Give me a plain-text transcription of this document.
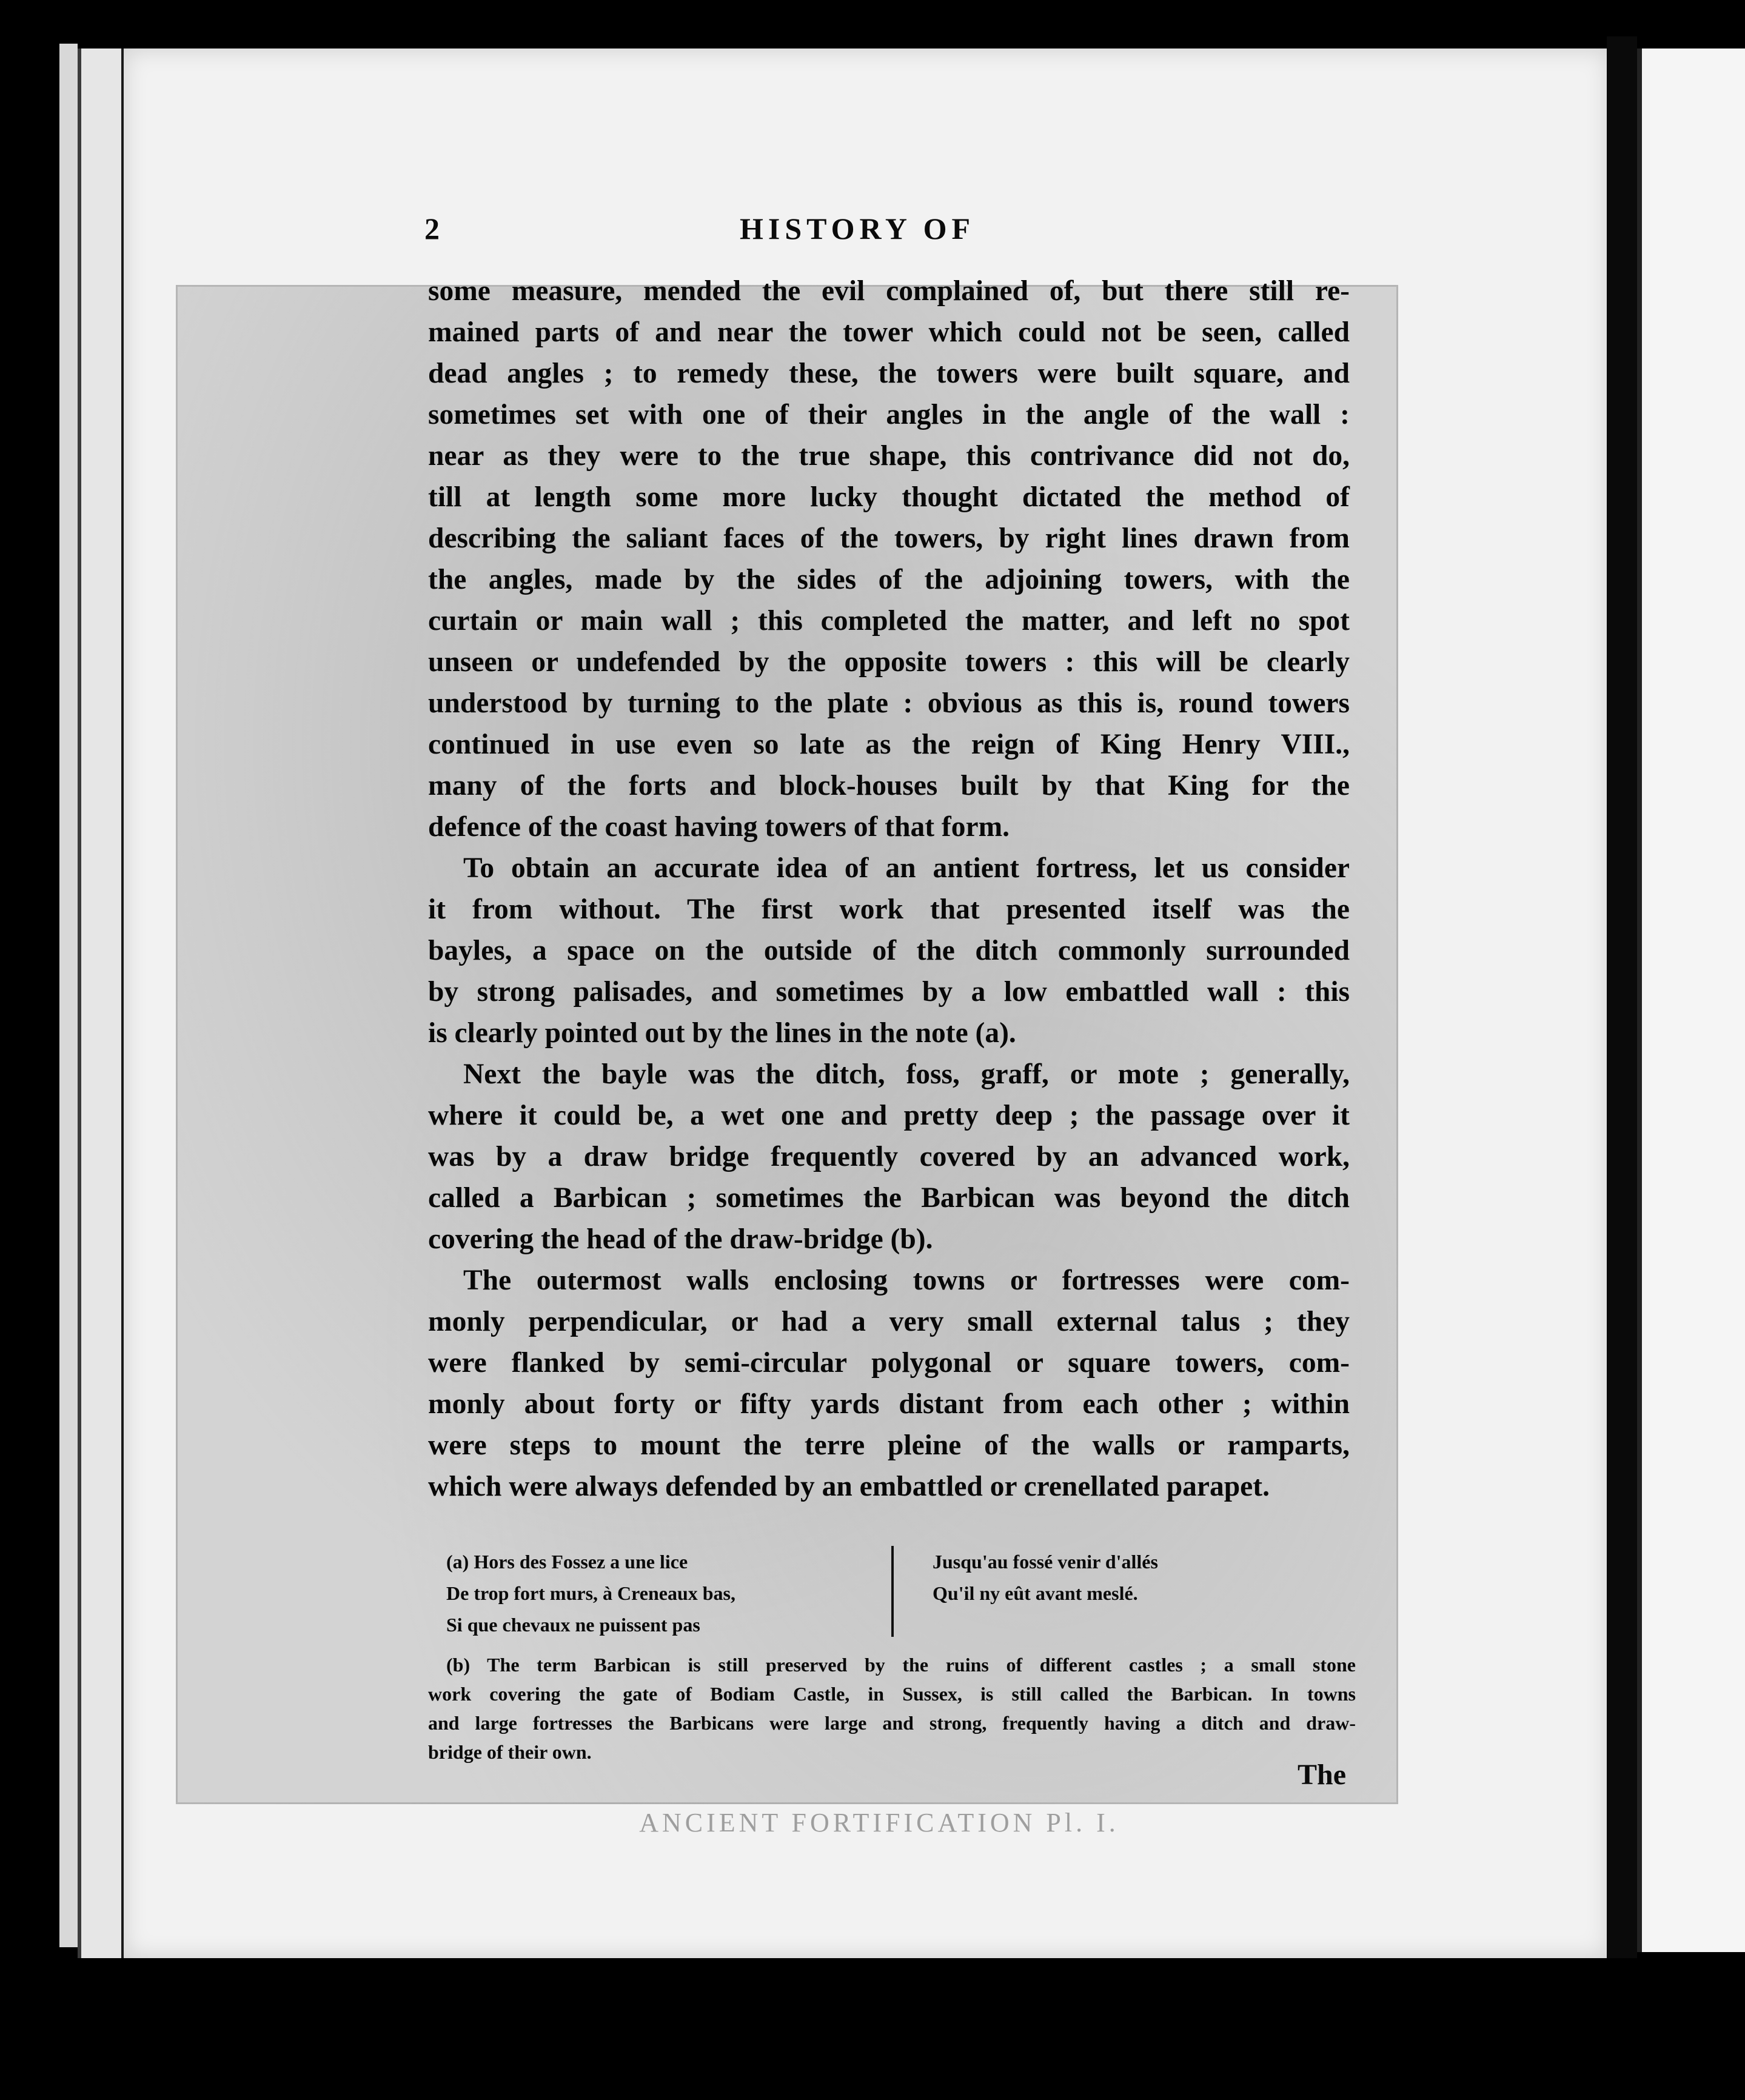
2	HISTORY OF
some measure, mended the evil complained of, but there still re-
mained parts of and near the tower which could not be seen, called
dead angles ; to remedy these, the towers were built square, and
sometimes set with one of their angles in the angle of the wall :
near as they were to the true shape, this contrivance did not do,
till at length some more lucky thought dictated the method of
describing the saliant faces of the towers, by right lines drawn from
the angles, made by the sides of the adjoining towers, with the
curtain or main wall ; this completed the matter, and left no spot
unseen or undefended by the opposite towers : this will be clearly
understood by turning to the plate : obvious as this is, round towers
continued in use even so late as the reign of King Henry VIII.,
many of the forts and block-houses built by that King for the
defence of the coast having towers of that form.
To obtain an accurate idea of an antient fortress, let us consider
it from without. The first work that presented itself was the
bayles, a space on the outside of the ditch commonly surrounded
by strong palisades, and sometimes by a low embattled wall : this
is clearly pointed out by the lines in the note (a).
Next the bayle was the ditch, foss, graff, or mote ; generally,
where it could be, a wet one and pretty deep ; the passage over it
was by a draw bridge frequently covered by an advanced work,
called a Barbican ; sometimes the Barbican was beyond the ditch
covering the head of the draw-bridge (b).
The outermost walls enclosing towns or fortresses were com-
monly perpendicular, or had a very small external talus ; they
were flanked by semi-circular polygonal or square towers, com-
monly about forty or fifty yards distant from each other ; within
were steps to mount the terre pleine of the walls or ramparts,
which were always defended by an embattled or crenellated parapet.
(a) Hors des Fossez a une lice
De trop fort murs, à Creneaux bas,
Si que chevaux ne puissent pas
Jusqu'au fossé venir d'allés
Qu'il ny eût avant meslé.
(b) The term Barbican is still preserved by the ruins of different castles ; a small stone
work covering the gate of Bodiam Castle, in Sussex, is still called the Barbican. In towns
and large fortresses the Barbicans were large and strong, frequently having a ditch and draw-
bridge of their own.
The
ANCIENT FORTIFICATION Pl. I.
